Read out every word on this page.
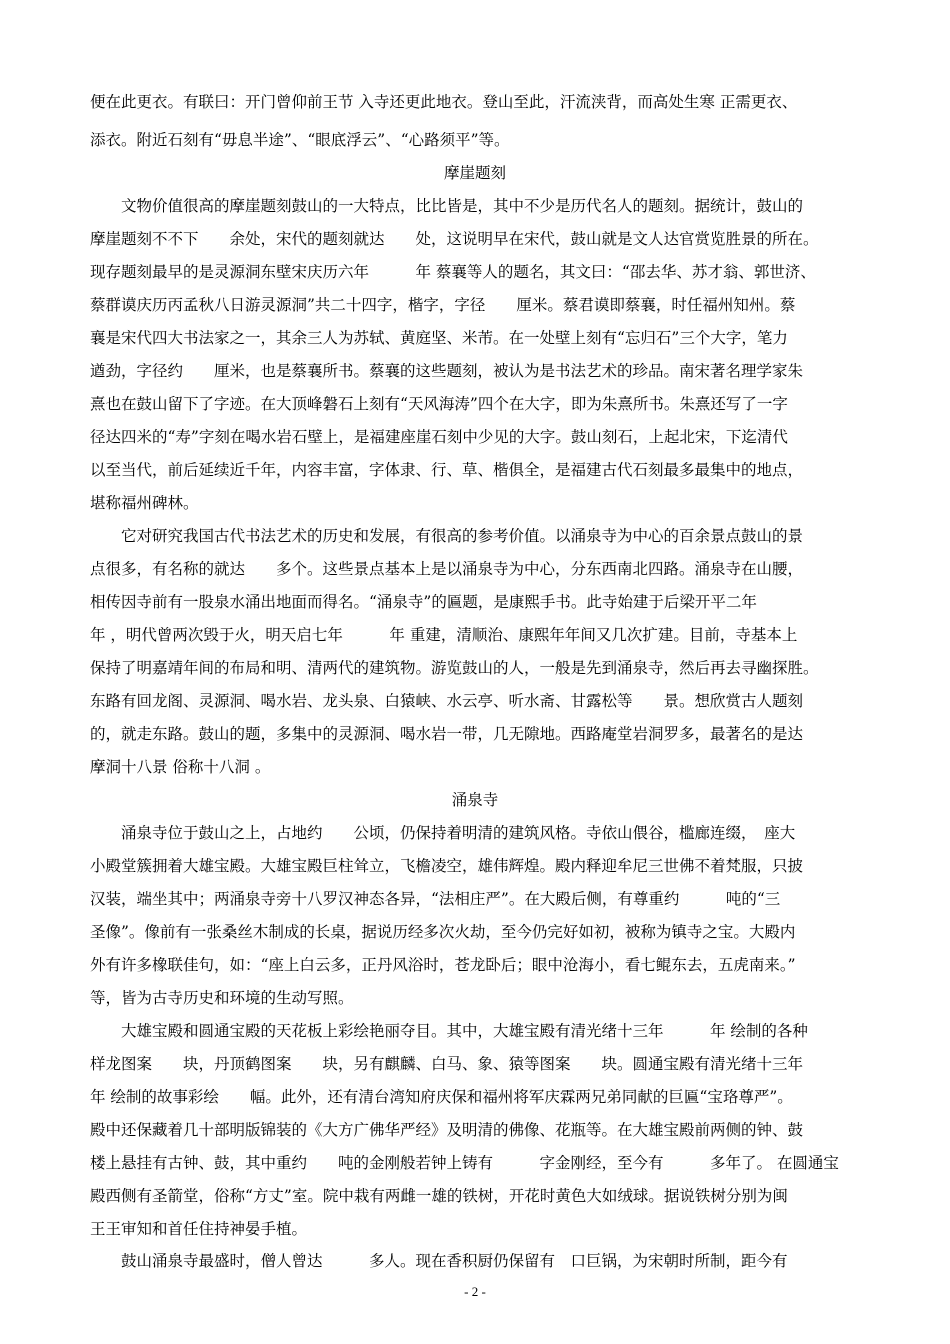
便在此更衣。有联曰：开门曾仰前王节 入寺还更此地衣。登山至此，汗流浃背，而高处生寒 正需更衣、
添衣。附近石刻有“毋息半途”、“眼底浮云”、“心路须平”等。
摩崖题刻
文物价值很高的摩崖题刻鼓山的一大特点，比比皆是，其中不少是历代名人的题刻。据统计，鼓山的
摩崖题刻不不下　　余处，宋代的题刻就达　　处，这说明早在宋代，鼓山就是文人达官赏览胜景的所在。
现存题刻最早的是灵源洞东壁宋庆历六年　　　年 蔡襄等人的题名，其文曰：“邵去华、苏才翁、郭世济、
蔡群谟庆历丙孟秋八日游灵源洞”共二十四字，楷字，字径　　厘米。蔡君谟即蔡襄，时任福州知州。蔡
襄是宋代四大书法家之一，其余三人为苏轼、黄庭坚、米芾。在一处壁上刻有“忘归石”三个大字，笔力
遒劲，字径约　　厘米，也是蔡襄所书。蔡襄的这些题刻，被认为是书法艺术的珍品。南宋著名理学家朱
熹也在鼓山留下了字迹。在大顶峰磐石上刻有“天风海涛”四个在大字，即为朱熹所书。朱熹还写了一字
径达四米的“寿”字刻在喝水岩石壁上，是福建座崖石刻中少见的大字。鼓山刻石，上起北宋，下迄清代
以至当代，前后延续近千年，内容丰富，字体隶、行、草、楷俱全，是福建古代石刻最多最集中的地点，
堪称福州碑林。
它对研究我国古代书法艺术的历史和发展，有很高的参考价值。以涌泉寺为中心的百余景点鼓山的景
点很多，有名称的就达　　多个。这些景点基本上是以涌泉寺为中心，分东西南北四路。涌泉寺在山腰，
相传因寺前有一股泉水涌出地面而得名。“涌泉寺”的匾题，是康熙手书。此寺始建于后梁开平二年
年 ，明代曾两次毁于火，明天启七年　　　年 重建，清顺治、康熙年年间又几次扩建。目前，寺基本上
保持了明嘉靖年间的布局和明、清两代的建筑物。游览鼓山的人，一般是先到涌泉寺，然后再去寻幽探胜。
东路有回龙阁、灵源洞、喝水岩、龙头泉、白猿峡、水云亭、听水斋、甘露松等　　景。想欣赏古人题刻
的，就走东路。鼓山的题，多集中的灵源洞、喝水岩一带，几无隙地。西路庵堂岩洞罗多，最著名的是达
摩洞十八景 俗称十八洞 。
涌泉寺
涌泉寺位于鼓山之上，占地约　　公顷，仍保持着明清的建筑风格。寺依山偎谷，槛廊连缀，　座大
小殿堂簇拥着大雄宝殿。大雄宝殿巨柱耸立，飞檐凌空，雄伟辉煌。殿内释迎牟尼三世佛不着梵服，只披
汉装，端坐其中；两涌泉寺旁十八罗汉神态各异，“法相庄严”。在大殿后侧，有尊重约　　　吨的“三
圣像”。像前有一张桑丝木制成的长桌，据说历经多次火劫，至今仍完好如初，被称为镇寺之宝。大殿内
外有许多橡联佳句，如：“座上白云多，正丹风浴时，苍龙卧后；眼中沧海小，看七鲲东去，五虎南来。”
等，皆为古寺历史和环境的生动写照。
大雄宝殿和圆通宝殿的天花板上彩绘艳丽夺目。其中，大雄宝殿有清光绪十三年　　　年 绘制的各种
样龙图案　　块，丹顶鹤图案　　块，另有麒麟、白马、象、猿等图案　　块。圆通宝殿有清光绪十三年
年 绘制的故事彩绘　　幅。此外，还有清台湾知府庆保和福州将军庆霖两兄弟同献的巨匾“宝珞尊严”。
殿中还保藏着几十部明版锦装的《大方广佛华严经》及明清的佛像、花瓶等。在大雄宝殿前两侧的钟、鼓
楼上悬挂有古钟、鼓，其中重约　　吨的金刚般若钟上铸有　　　字金刚经，至今有　　　多年了。 在圆通宝
殿西侧有圣箭堂，俗称“方丈”室。院中栽有两雌一雄的铁树，开花时黄色大如绒球。据说铁树分别为闽
王王审知和首任住持神晏手植。
鼓山涌泉寺最盛时，僧人曾达　　　多人。现在香积厨仍保留有　口巨锅，为宋朝时所制，距今有
- 2 -
